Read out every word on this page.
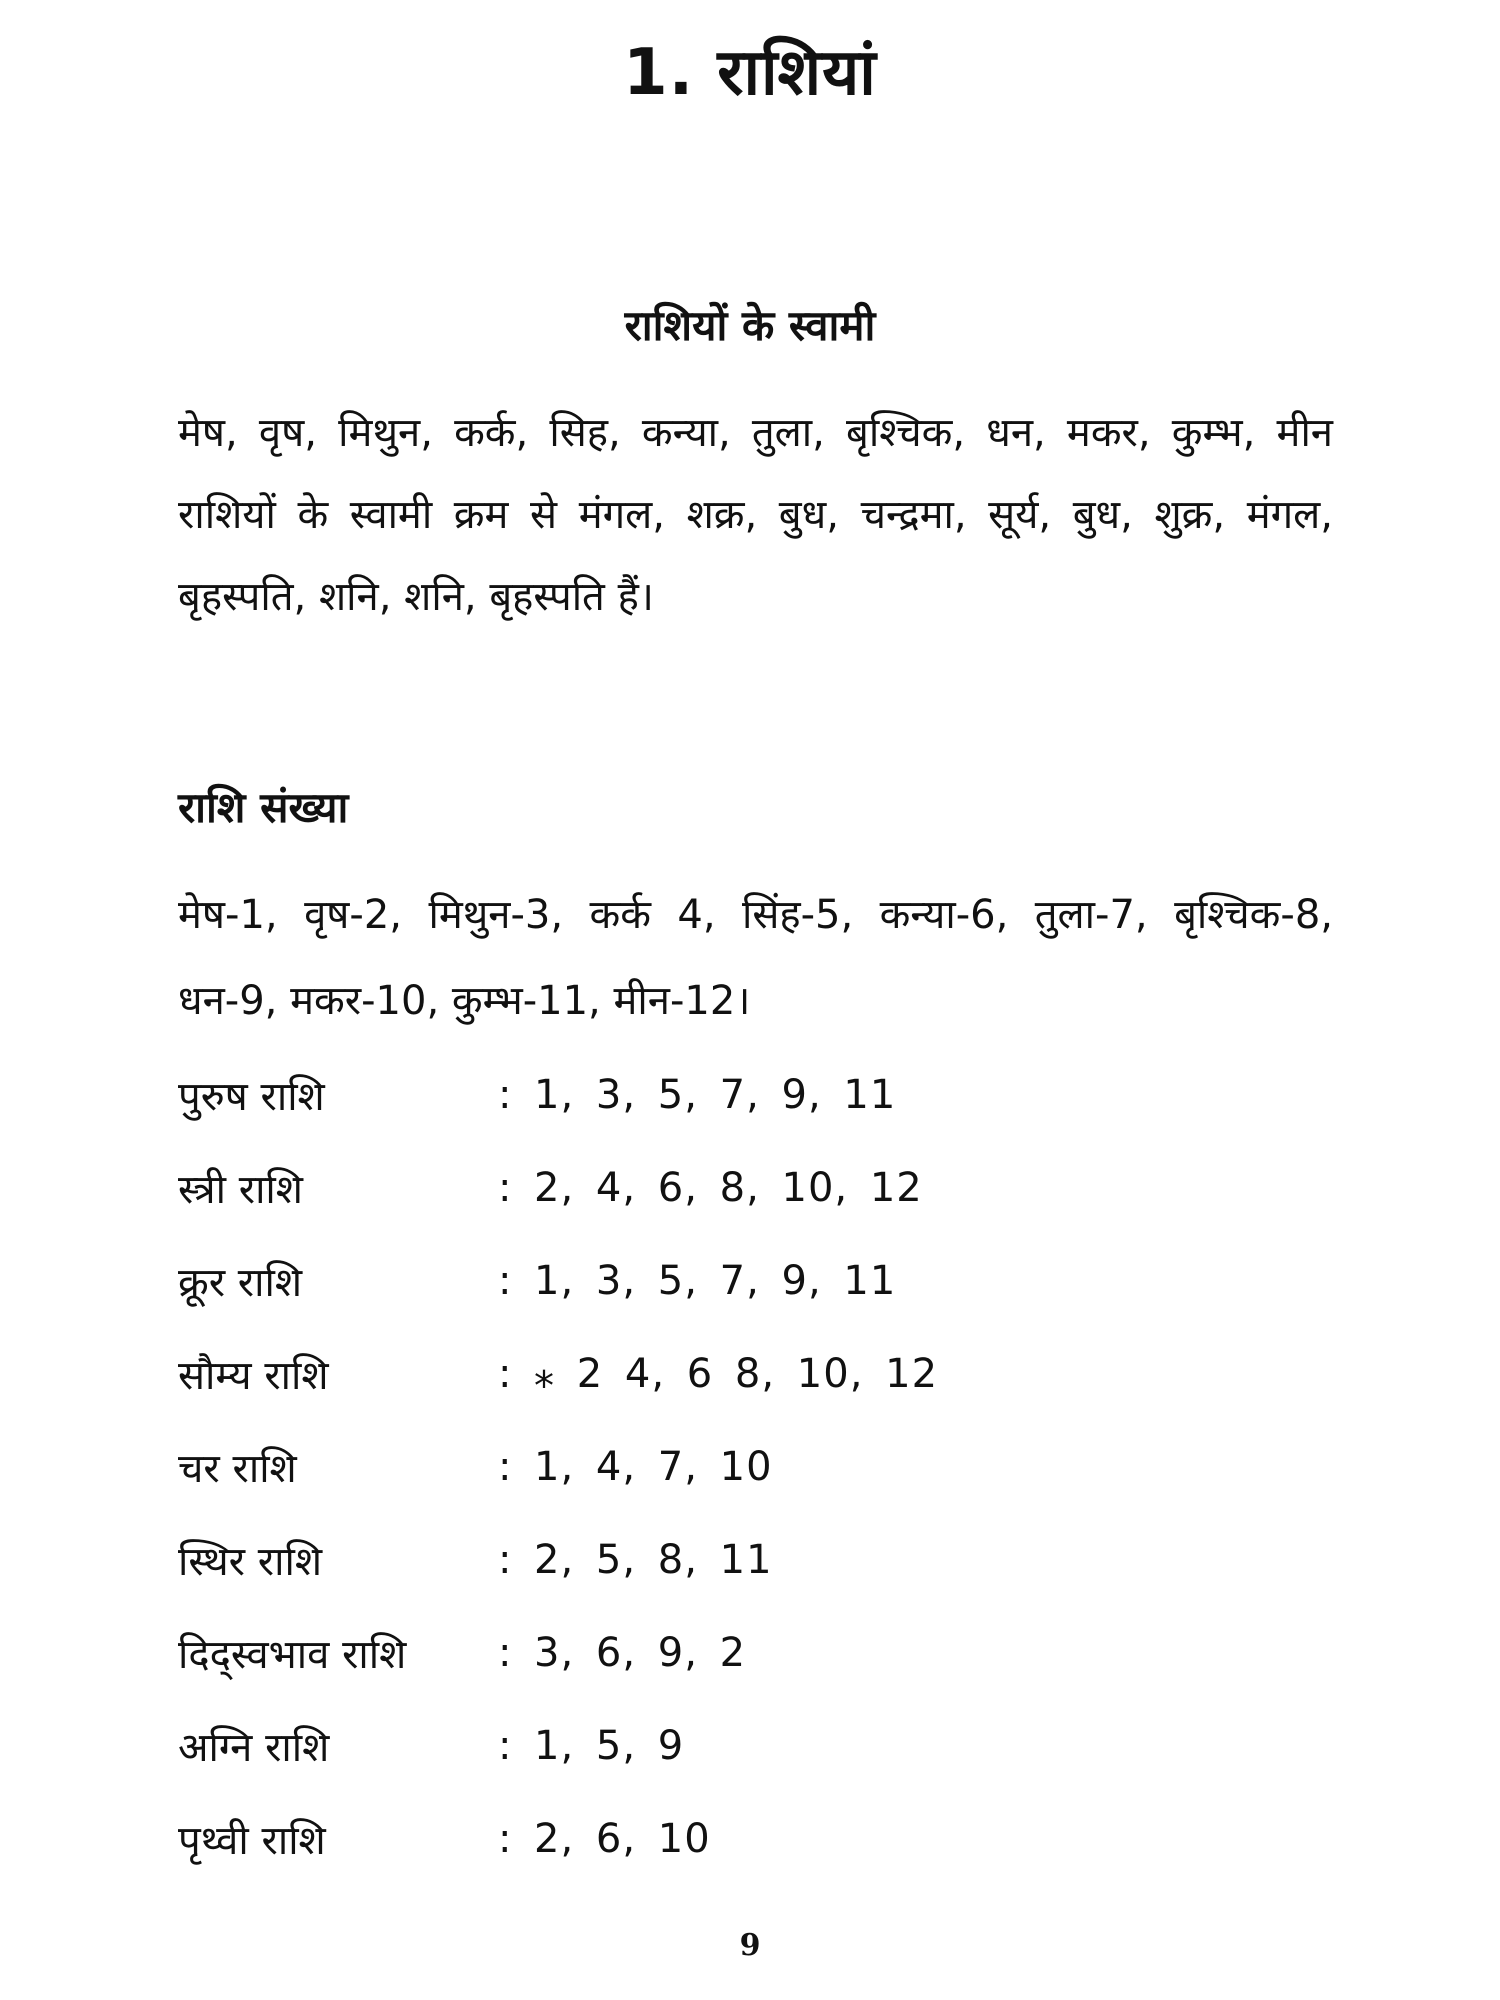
1. राशियां
राशियों के स्वामी
मेष, वृष, मिथुन, कर्क, सिह, कन्या, तुला, बृश्चिक, धन, मकर, कुम्भ, मीन राशियों के स्वामी क्रम से मंगल, शक्र, बुध, चन्द्रमा, सूर्य, बुध, शुक्र, मंगल, बृहस्पति, शनि, शनि, बृहस्पति हैं।
राशि संख्या
मेष-1, वृष-2, मिथुन-3, कर्क 4, सिंह-5, कन्या-6, तुला-7, बृश्चिक-8, धन-9, मकर-10, कुम्भ-11, मीन-12।
पुरुष राशि	: 1, 3, 5, 7, 9, 11
स्त्री राशि	: 2, 4, 6, 8, 10, 12
क्रूर राशि	: 1, 3, 5, 7, 9, 11
सौम्य राशि	: ⁎ 2 4, 6 8, 10, 12
चर राशि	: 1, 4, 7, 10
स्थिर राशि	: 2, 5, 8, 11
दिद्स्वभाव राशि	: 3, 6, 9, 2
अग्नि राशि	: 1, 5, 9
पृथ्वी राशि	: 2, 6, 10
9
